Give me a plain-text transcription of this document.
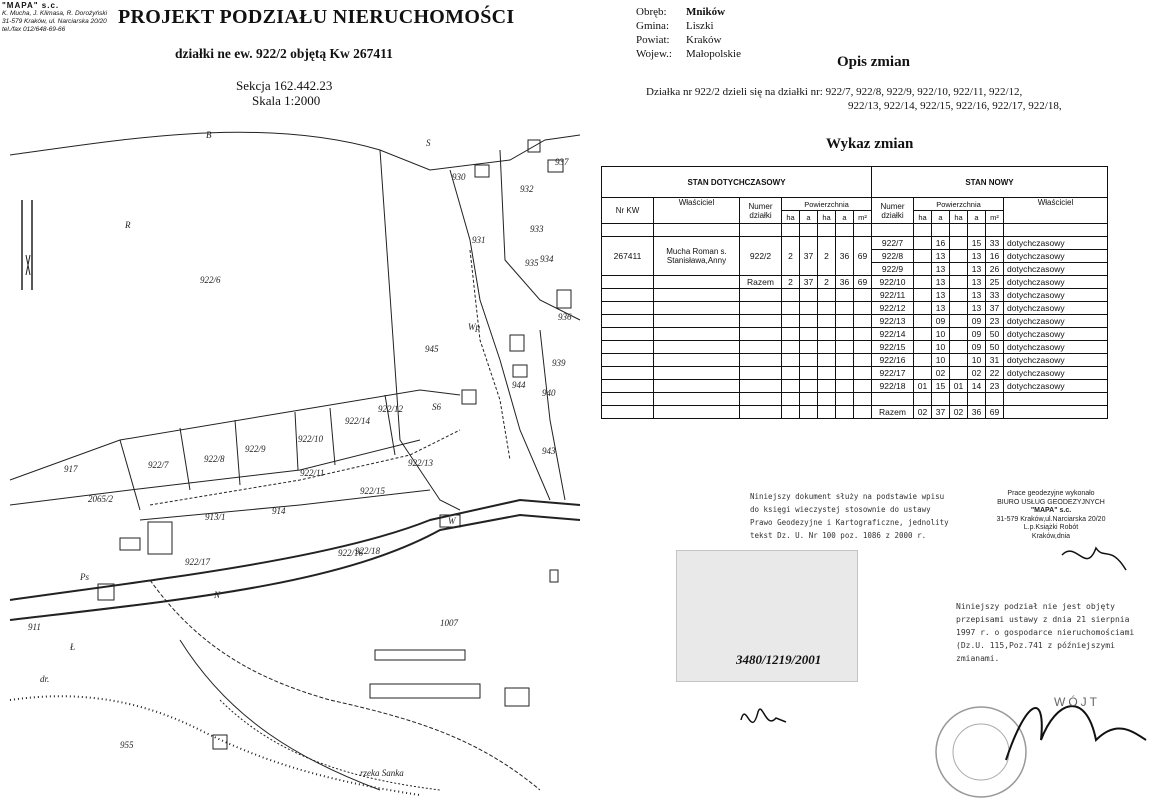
"MAPA" s.c.
K. Mucha, J. Klimasa, R. Dorożyński
31-579 Kraków, ul. Narciarska 20/20
tel./fax 012/648-69-66
PROJEKT PODZIAŁU NIERUCHOMOŚCI
działki ne ew. 922/2 objętą Kw 267411
Sekcja 162.442.23
Skala 1:2000
B
S
R
922/6
930
931
932
933
934
935
936
937
939
940
943
944
945
S6
917	922/7
922/8
922/9
922/10
922/11
922/12
922/13
922/14
922/15
922/16
922/17
922/18
914
913/1
2065/2
1007
955
911
Ps
N
Ł
W
Wp
rzeka Sanka
dr.
Obręb: Mników
Gmina: Liszki
Powiat: Kraków
Wojew.: Małopolskie	Opis zmian
Działka nr 922/2 dzieli się na działki nr: 922/7, 922/8, 922/9, 922/10, 922/11, 922/12,
922/13, 922/14, 922/15, 922/16, 922/17, 922/18,
Wykaz zmian
STAN DOTYCHCZASOWY								STAN NOWY						
Nr KW	Właściciel	Numer działki	Powierzchnia					Numer działki	Powierzchnia					Właściciel
			ha	a	ha	a	m²		ha	a	ha	a	m²	

267411	Mucha Roman s. Stanisława,Anny	922/2	2	37	2	36	69	922/7		16		15	33	dotychczasowy
								922/8		13		13	16	dotychczasowy
								922/9		13		13	26	dotychczasowy
		Razem	2	37	2	36	69	922/10		13		13	25	dotychczasowy
								922/11		13		13	33	dotychczasowy
								922/12		13		13	37	dotychczasowy
								922/13		09		09	23	dotychczasowy
								922/14		10		09	50	dotychczasowy
								922/15		10		09	50	dotychczasowy
								922/16		10		10	31	dotychczasowy
								922/17		02		02	22	dotychczasowy
								922/18	01	15	01	14	23	dotychczasowy

								Razem	02	37	02	36	69	
Niniejszy dokument służy na podstawie wpisu do księgi wieczystej stosownie do ustawy Prawo Geodezyjne i Kartograficzne, jednolity tekst Dz. U. Nr 100 poz. 1086 z 2000 r.
Prace geodezyjne wykonało
BIURO USŁUG GEODEZYJNYCH
"MAPA" s.c.
31-579 Kraków,ul.Narciarska 20/20
L.p.Książki Robót
Kraków,dnia
3480/1219/2001
Niniejszy podział nie jest objęty przepisami ustawy z dnia 21 sierpnia 1997 r. o gospodarce nieruchomościami (Dz.U. 115,Poz.741 z późniejszymi zmianami.
WÓJT
